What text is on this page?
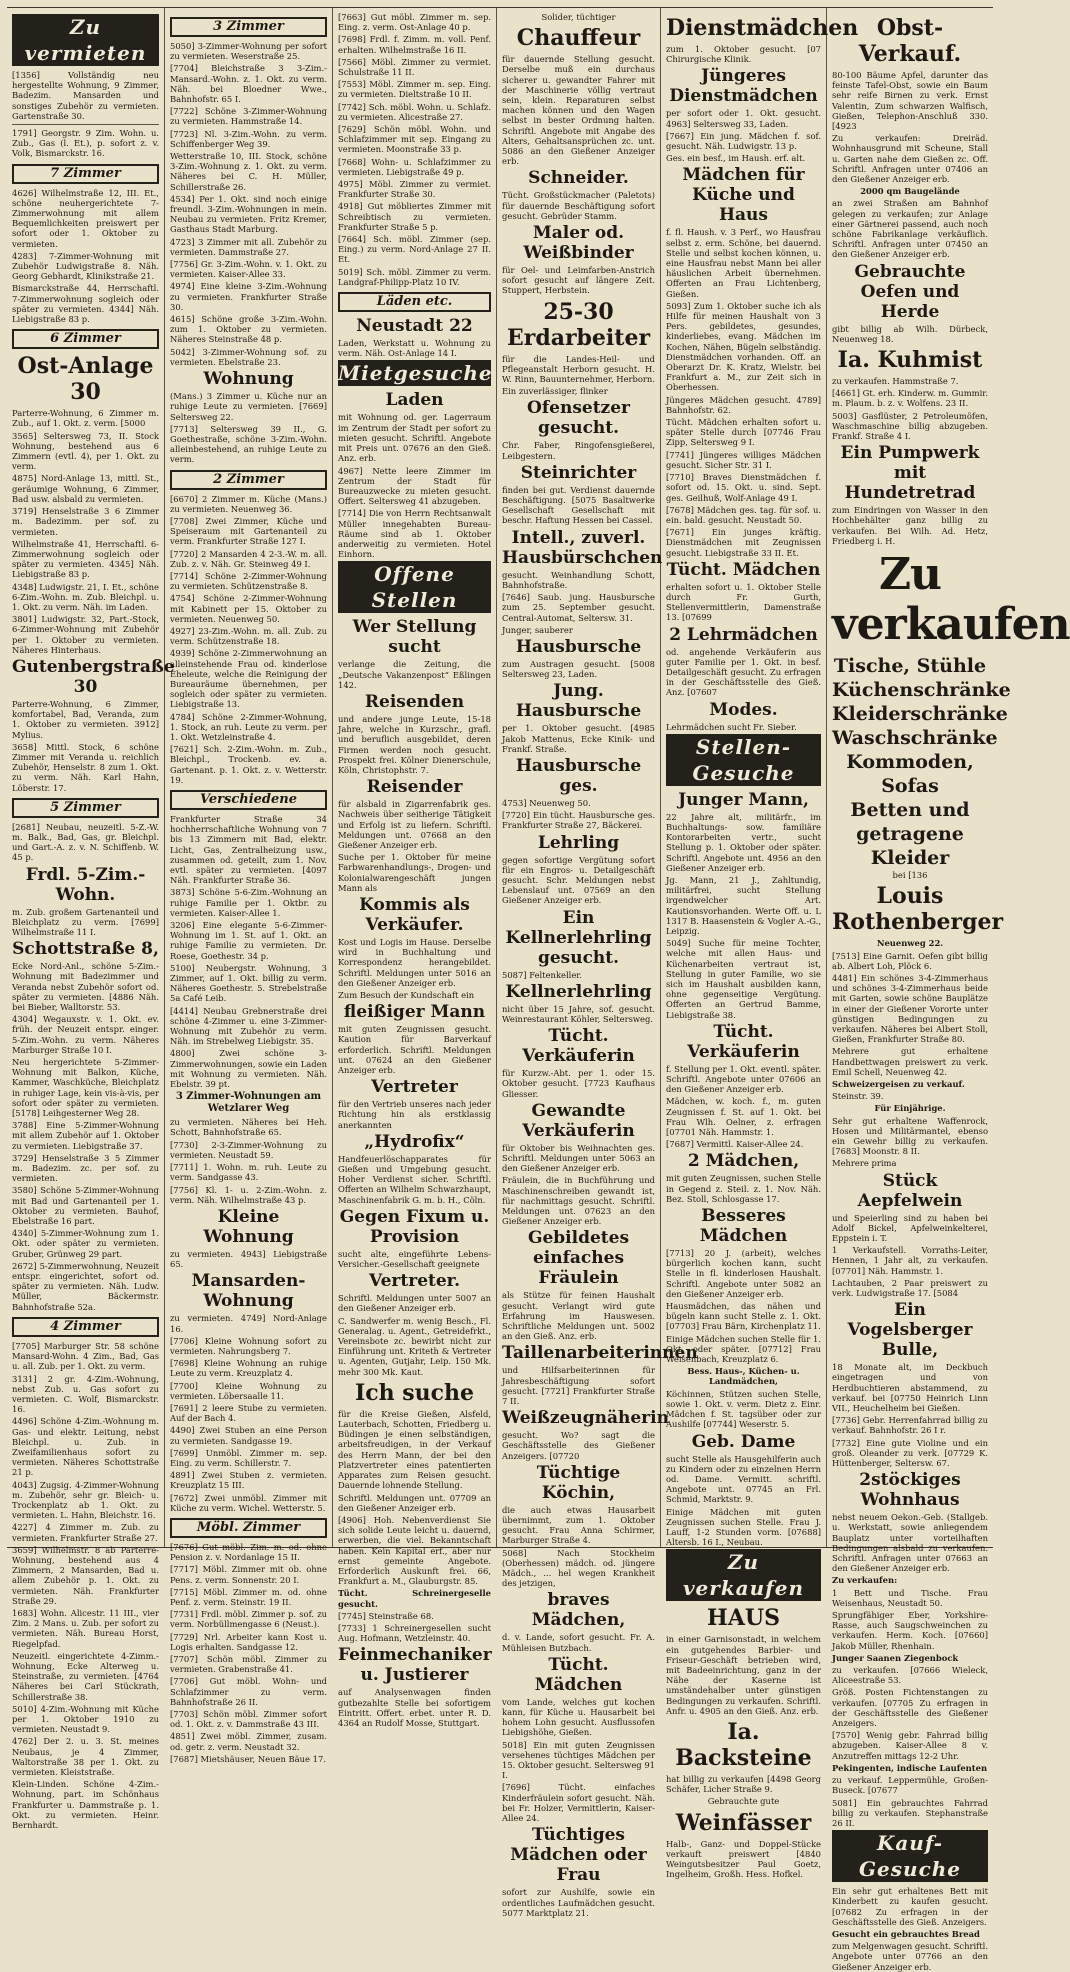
Zu vermieten
[1356] Vollständig neu hergestellte Wohnung, 9 Zimmer, Badezim. Mansarden und sonstiges Zubehör zu vermieten. Gartenstraße 30.
1791] Georgstr. 9 Zim. Wohn. u. Zub., Gas (l. Et.), p. sofort z. v. Volk, Bismarckstr. 16.
7 Zimmer
4626] Wilhelmstraße 12, III. Et., schöne neuhergerichtete 7-Zimmerwohnung mit allem Bequemlichkeiten preiswert per sofort oder 1. Oktober zu vermieten.
4283] 7-Zimmer-Wohnung mit Zubehör Ludwigstraße 8. Näh. Georg Gebhardt, Klinikstraße 21.
Bismarckstraße 44, Herrschaftl. 7-Zimmerwohnung sogleich oder später zu vermieten. 4344] Näh. Liebigstraße 83 p.
6 Zimmer
Ost-Anlage 30
Parterre-Wohnung, 6 Zimmer m. Zub., auf 1. Okt. z. verm. [5000
3565] Seltersweg 73, II. Stock Wohnung, bestehend aus 6 Zimmern (evtl. 4), per 1. Okt. zu verm.
4875] Nord-Anlage 13, mittl. St., geräumige Wohnung, 6 Zimmer, Bad usw. alsbald zu vermieten.
3719] Henselstraße 3 6 Zimmer m. Badezimm. per sof. zu vermieten.
Wilhelmstraße 41, Herrschaftl. 6-Zimmerwohnung sogleich oder später zu vermieten. 4345] Näh. Liebigstraße 83 p.
4348] Ludwigstr. 21, I. Et., schöne 6-Zim.-Wohn. m. Zub. Bleichpl. u. 1. Okt. zu verm. Näh. im Laden.
3801] Ludwigstr. 32, Part.-Stock, 6-Zimmer-Wohnung mit Zubehör per 1. Oktober zu vermieten. Näheres Hinterhaus.
Gutenbergstraße 30
Parterre-Wohnung, 6 Zimmer, komfortabel, Bad, Veranda, zum 1. Oktober zu vermieten. 3912] Mylius.
3658] Mittl. Stock, 6 schöne Zimmer mit Veranda u. reichlich Zubehör, Henselstr. 8 zum 1. Okt. zu verm. Näh. Karl Hahn, Löberstr. 17.
5 Zimmer
[2681] Neubau, neuzeitl. 5-Z.-W. m. Balk., Bad, Gas, gr. Bleichpl. und Gart.-A. z. v. N. Schiffenb. W. 45 p.
Frdl. 5-Zim.-Wohn.
m. Zub. großem Gartenanteil und Bleichplatz zu verm. [7699] Wilhelmstraße 11 I.
Schottstraße 8,
Ecke Nord-Anl., schöne 5-Zim.-Wohnung mit Badezimmer und Veranda nebst Zubehör sofort od. später zu vermieten. [4886 Näh. bei Bieber, Walltorstr. 53.
4304] Wegauxstr. v. 1. Okt. ev. früh. der Neuzeit entspr. einger. 5-Zim.-Wohn. zu verm. Näheres Marburger Straße 10 I.
Neu hergerichtete 5-Zimmer-Wohnung mit Balkon, Küche, Kammer, Waschküche, Bleichplatz in ruhiger Lage, kein vis-à-vis, per sofort oder später zu vermieten. [5178] Leihgesterner Weg 28.
3788] Eine 5-Zimmer-Wohnung mit allem Zubehör auf 1. Oktober zu vermieten. Liebigstraße 37.
3729] Henselstraße 3 5 Zimmer m. Badezim. zc. per sof. zu vermieten.
3580] Schöne 5-Zimmer-Wohnung mit Bad und Gartenanteil per 1. Oktober zu vermieten. Bauhof, Ebelstraße 16 part.
4340] 5-Zimmer-Wohnung zum 1. Okt. oder später zu vermieten. Gruber, Grünweg 29 part.
2672] 5-Zimmerwohnung, Neuzeit entspr. eingerichtet, sofort od. später zu vermieten. Näh. Ludw. Müller, Bäckermstr. Bahnhofstraße 52a.
4 Zimmer
[7705] Marburger Str. 58 schöne Mansard-Wohn. 4 Zim., Bad, Gas u. all. Zub. per 1. Okt. zu verm.
3131] 2 gr. 4-Zim.-Wohnung, nebst Zub. u. Gas sofort zu vermieten. C. Wolf, Bismarckstr. 16.
4496] Schöne 4-Zim.-Wohnung m. Gas- und elektr. Leitung, nebst Bleichpl. u. Zub. in Zweifamilienhaus sofort zu vermieten. Näheres Schottstraße 21 p.
4043] Zugsig. 4-Zimmer-Wohnung m. Zubehör, sehr gr. Bleich- u. Trockenplatz ab 1. Okt. zu vermieten. L. Hahn, Bleichstr. 16.
4227] 4 Zimmer m. Zub. zu vermieten. Frankfurter Straße 27.
3659] Wilhelmstr. 8 ab Parterre-Wohnung, bestehend aus 4 Zimmern, 2 Mansarden, Bad u. allem Zubehör p. 1. Okt. zu vermieten. Näh. Frankfurter Straße 29.
1683] Wohn. Alicestr. 11 III., vier Zim. 2 Mans. u. Zub. per sofort zu vermieten. Näh. Bureau Horst, Riegelpfad.
Neuzeitl. eingerichtete 4-Zimm.-Wohnung, Ecke Alterweg u. Steinstraße, zu vermieten. [4764 Näheres bei Carl Stückrath, Schillerstraße 38.
5010] 4-Zim.-Wohnung mit Küche per 1. Oktober 1910 zu vermieten. Neustadt 9.
4762] Der 2. u. 3. St. meines Neubaus, je 4 Zimmer, Waltorstraße 38 per 1. Okt. zu vermieten. Kleiststraße.
Klein-Linden. Schöne 4-Zim.-Wohnung, part. im Schönhaus Frankfurter u. Dammstraße p. 1. Okt. zu vermieten. Heinr. Bernhardt.
3 Zimmer
5050] 3-Zimmer-Wohnung per sofort zu vermieten. Weserstraße 25.
[7704] Bleichstraße 3 3-Zim.-Mansard.-Wohn. z. 1. Okt. zu verm. Näh. bei Bloedner Wwe., Bahnhofstr. 65 I.
[7722] Schöne 3-Zimmer-Wohnung zu vermieten. Hammstraße 14.
[7723] Nl. 3-Zim.-Wohn. zu verm. Schiffenberger Weg 39.
Wetterstraße 10, III. Stock, schöne 3-Zim.-Wohnung z. 1. Okt. zu verm. Näheres bei C. H. Müller, Schillerstraße 26.
4534] Per 1. Okt. sind noch einige freundl. 3-Zim.-Wohnungen in mein. Neubau zu vermieten. Fritz Kremer, Gasthaus Stadt Marburg.
4723] 3 Zimmer mit all. Zubehör zu vermieten. Dammstraße 27.
[7756] Gr. 3-Zim.-Wohn. v. 1. Okt. zu vermieten. Kaiser-Allee 33.
4974] Eine kleine 3-Zim.-Wohnung zu vermieten. Frankfurter Straße 30.
4615] Schöne große 3-Zim.-Wohn. zum 1. Oktober zu vermieten. Näheres Steinstraße 48 p.
5042] 3-Zimmer-Wohnung sof. zu vermieten. Ebelstraße 23.
Wohnung
(Mans.) 3 Zimmer u. Küche nur an ruhige Leute zu vermieten. [7669] Seltersweg 22.
[7713] Seltersweg 39 II., G. Goethestraße, schöne 3-Zim.-Wohn. alleinbestehend, an ruhige Leute zu verm.
2 Zimmer
[6670] 2 Zimmer m. Küche (Mans.) zu vermieten. Neuenweg 36.
[7708] Zwei Zimmer, Küche und Speiseraum mit Gartenanteil zu verm. Frankfurter Straße 127 I.
[7720] 2 Mansarden 4 2-3.-W. m. all. Zub. z. v. Näh. Gr. Steinweg 49 I.
[7714] Schöne 2-Zimmer-Wohnung zu vermieten. Schützenstraße 8.
4754] Schöne 2-Zimmer-Wohnung mit Kabinett per 15. Oktober zu vermieten. Neuenweg 50.
4927] 23-Zim.-Wohn. m. all. Zub. zu verm. Schützenstraße 18.
4939] Schöne 2-Zimmerwohnung an alleinstehende Frau od. kinderlose Eheleute, welche die Reinigung der Bureauräume übernehmen, per sogleich oder später zu vermieten. Liebigstraße 13.
4784] Schöne 2-Zimmer-Wohnung, 1. Stock, an ruh. Leute zu verm. per 1. Okt. Wetzleinstraße 4.
[7621] Sch. 2-Zim.-Wohn. m. Zub., Bleichpl., Trockenb. ev. a. Gartenant. p. 1. Okt. z. v. Wetterstr. 19.
Verschiedene
Frankfurter Straße 34 hochherrschaftliche Wohnung von 7 bis 13 Zimmern mit Bad, elektr. Licht, Gas, Zentralheizung usw., zusammen od. geteilt, zum 1. Nov. evtl. später zu vermieten. [4097 Näh. Frankfurter Straße 36.
3873] Schöne 5-6-Zim.-Wohnung an ruhige Familie per 1. Oktbr. zu vermieten. Kaiser-Allee 1.
3206] Eine elegante 5-6-Zimmer-Wohnung im 1. St. auf 1. Okt. an ruhige Familie zu vermieten. Dr. Roese, Goethestr. 34 p.
5100] Neubergstr. Wohnung, 3 Zimmer, auf 1. Okt. billig zu verm. Näheres Goethestr. 5. Strebelstraße 5a Café Leib.
[4414] Neubau Grebnerstraße drei schöne 4-Zimmer u. eine 3-Zimmer-Wohnung mit Zubehör zu verm. Näh. im Strebelweg Liebigstr. 35.
4800] Zwei schöne 3-Zimmerwohnungen, sowie ein Laden mit Wohnung zu vermieten. Näh. Ebelstr. 39 pt.
3 Zimmer-Wohnungen am Wetzlarer Weg
zu vermieten. Näheres bei Heh. Schott, Bahnhofstraße 65.
[7730] 2-3-Zimmer-Wohnung zu vermieten. Neustadt 59.
[7711] 1. Wohn. m. ruh. Leute zu verm. Sandgasse 43.
[7756] Kl. 1- u. 2-Zim.-Wohn. z. verm. Näh. Wilhelmstraße 43 p.
Kleine Wohnung
zu vermieten. 4943] Liebigstraße 65.
Mansarden-Wohnung
zu vermieten. 4749] Nord-Anlage 16.
[7706] Kleine Wohnung sofort zu vermieten. Nahrungsberg 7.
[7698] Kleine Wohnung an ruhige Leute zu verm. Kreuzplatz 4.
[7700] Kleine Wohnung zu vermieten. Löbersaalle 11.
[7691] 2 leere Stube zu vermieten. Auf der Bach 4.
4490] Zwei Stuben an eine Person zu vermieten. Sandgasse 19.
[7699] Unmöbl. Zimmer m. sep. Eing. zu verm. Schillerstr. 7.
4891] Zwei Stuben z. vermieten. Kreuzplatz 15 III.
[7672] Zwei unmöbl. Zimmer mit Küche zu verm. Wichel. Wetterstr. 5.
Möbl. Zimmer
[7676] Gut möbl. Zim. m. od. ohne Pension z. v. Nordanlage 15 II.
[7717] Möbl. Zimmer mit ob. ohne Pens. z. verm. Sonnenstr. 20 I.
[7715] Möbl. Zimmer m. od. ohne Penf. z. verm. Steinstr. 19 II.
[7731] Frdl. möbl. Zimmer p. sof. zu verm. Norbüllmengasse 6 (Neust.).
[7729] Nrl. Arbeiter kann Kost u. Logis erhalten. Sandgasse 12.
[7707] Schön möbl. Zimmer zu vermieten. Grabenstraße 41.
[7706] Gut möbl. Wohn- und Schlafzimmer zu verm. Bahnhofstraße 26 II.
[7703] Schön möbl. Zimmer sofort od. 1. Okt. z. v. Dammstraße 43 III.
4851] Zwei möbl. Zimmer, zusam. od. getr. z. verm. Neustadt 32.
[7687] Mietshäuser, Neuen Bäue 17.
[7663] Gut möbl. Zimmer m. sep. Eing. z. verm. Ost-Anlage 40 p.
[7698] Frdl. f. Zimm. m. voll. Penf. erhalten. Wilhelmstraße 16 II.
[7566] Möbl. Zimmer zu vermiet. Schulstraße 11 II.
[7553] Möbl. Zimmer m. sep. Eing. zu vermieten. Dieltstraße 10 II.
[7742] Sch. möbl. Wohn. u. Schlafz. zu vermieten. Alicestraße 27.
[7629] Schön möbl. Wohn. und Schlafzimmer mit sep. Eingang zu vermieten. Moonstraße 33 p.
[7668] Wohn- u. Schlafzimmer zu vermieten. Liebigstraße 49 p.
4975] Möbl. Zimmer zu vermiet. Frankfurter Straße 30.
4918] Gut möbliertes Zimmer mit Schreibtisch zu vermieten. Frankfurter Straße 5 p.
[7664] Sch. möbl. Zimmer (sep. Eing.) zu verm. Nord-Anlage 27 II. Et.
5019] Sch. möbl. Zimmer zu verm. Landgraf-Philipp-Platz 10 IV.
Läden etc.
Neustadt 22
Laden, Werkstatt u. Wohnung zu verm. Näh. Ost-Anlage 14 I.
Mietgesuche
Laden
mit Wohnung od. ger. Lagerraum im Zentrum der Stadt per sofort zu mieten gesucht. Schriftl. Angebote mit Preis unt. 07676 an den Gieß. Anz. erb.
4967] Nette leere Zimmer im Zentrum der Stadt für Bureauzwecke zu mieten gesucht. Offert. Seltersweg 41 abzugeben.
[7714] Die von Herrn Rechtsanwalt Müller innegehabten Bureau-Räume sind ab 1. Oktober anderweitig zu vermieten. Hotel Einhorn.
Offene Stellen
Wer Stellung sucht
verlange die Zeitung, die „Deutsche Vakanzenpost“ Eßlingen 142.
Reisenden
und andere junge Leute, 15-18 Jahre, welche in Kurzschr., grafl. und beruflich ausgebildet, deren Firmen werden noch gesucht. Prospekt frei. Kölner Dienerschule, Köln, Christophstr. 7.
Reisender
für alsbald in Zigarrenfabrik ges. Nachweis über seitherige Tätigkeit und Erfolg ist zu liefern. Schriftl. Meldungen unt. 07668 an den Gießener Anzeiger erb.
Suche per 1. Oktober für meine Farbwarenhandlungs-, Drogen- und Kolonialwarengeschäft jungen Mann als
Kommis als Verkäufer.
Kost und Logis im Hause. Derselbe wird in Buchhaltung und Korrespondenz herangebildet. Schriftl. Meldungen unter 5016 an den Gießener Anzeiger erb.
Zum Besuch der Kundschaft ein
fleißiger Mann
mit guten Zeugnissen gesucht. Kaution für Barverkauf erforderlich. Schriftl. Meldungen unt. 07624 an den Gießener Anzeiger erb.
Vertreter
für den Vertrieb unseres nach jeder Richtung hin als erstklassig anerkannten
„Hydrofix“
Handfeuerlöschapparates für Gießen und Umgebung gesucht. Hoher Verdienst sicher. Schriftl. Offerten an Wilhelm Schwarzhaupt, Maschinenfabrik G. m. b. H., Cöln.
Gegen Fixum u. Provision
sucht alte, eingeführte Lebens-Versicher.-Gesellschaft geeignete
Vertreter.
Schriftl. Meldungen unter 5007 an den Gießener Anzeiger erb.
C. Sandwerfer m. wenig Besch., Fl. Generalag. u. Agent., Getreidefrkt., Vereinsbote zc. bewirbt nicht zur Einführung unt. Kriteth & Vertreter u. Agenten, Gutjahr, Leip. 150 Mk. mehr 300 Mk. Kaut.
Ich suche
für die Kreise Gießen, Alsfeld, Lauterbach, Schotten, Friedberg u. Büdingen je einen selbständigen, arbeitsfreudigen, in der Verkauf des Herrn Mann, der bei den Platzvertreter eines patentierten Apparates zum Reisen gesucht. Dauernde lohnende Stellung.
Schriftl. Meldungen unt. 07709 an den Gießener Anzeiger erb.
[4906] Hoh. Nebenverdienst Sie sich solide Leute leicht u. dauernd, erwerben, die viel. Bekanntschaft haben. Kein Kapital erf., aber nur ernst gemeinte Angebote. Erforderlich Auskunft frei. 66, Frankfurt a. M., Glauburgstr. 85.
Tücht. Schreinergeselle gesucht.
[7745] Steinstraße 68.
[7733] 1 Schreinergesellen sucht Aug. Hofmann, Wetzleinstr. 40.
Feinmechaniker u. Justierer
auf Analysenwagen finden gutbezahlte Stelle bei sofortigem Eintritt. Offert. erbet. unter R. D. 4364 an Rudolf Mosse, Stuttgart.
Solider, tüchtiger
Chauffeur
für dauernde Stellung gesucht. Derselbe muß ein durchaus sicherer u. gewandter Fahrer mit der Maschinerie völlig vertraut sein, klein. Reparaturen selbst machen können und den Wagen selbst in bester Ordnung halten. Schriftl. Angebote mit Angabe des Alters, Gehaltsansprüchen zc. unt. 5086 an den Gießener Anzeiger erb.
Schneider.
Tücht. Großstückmacher (Paletots) für dauernde Beschäftigung sofort gesucht. Gebrüder Stamm.
Maler od. Weißbinder
für Oel- und Leimfarben-Anstrich sofort gesucht auf längere Zeit. Stuppert, Herbstein.
25-30 Erdarbeiter
für die Landes-Heil- und Pflegeanstalt Herborn gesucht. H. W. Rinn, Bauunternehmer, Herborn.
Ein zuverlässiger, flinker
Ofensetzer gesucht.
Chr. Faber, Ringofensgießerei, Leibgestern.
Steinrichter
finden bei gut. Verdienst dauernde Beschäftigung. [5075 Basaltwerke Gesellschaft Gesellschaft mit beschr. Haftung Hessen bei Cassel.
Intell., zuverl. Hausbürschchen
gesucht. Weinhandlung Schott, Bahnhofstraße.
[7646] Saub. jung. Hausbursche zum 25. September gesucht. Central-Automat, Seltersw. 31.
Junger, sauberer
Hausbursche
zum Austragen gesucht. [5008 Seltersweg 23, Laden.
Jung. Hausbursche
per 1. Oktober gesucht. [4985 Jakob Mattenus, Ecke Kinik- und Frankf. Straße.
Hausbursche ges.
4753] Neuenweg 50.
[7720] Ein tücht. Hausbursche ges. Frankfurter Straße 27, Bäckerei.
Lehrling
gegen sofortige Vergütung sofort für ein Engros- u. Detailgeschäft gesucht. Schr. Meldungen nebst Lebenslauf unt. 07569 an den Gießener Anzeiger erb.
Ein Kellnerlehrling gesucht.
5087] Feltenkeller.
Kellnerlehrling
nicht über 15 Jahre, sof. gesucht. Weinrestaurant Köhler, Seltersweg.
Tücht. Verkäuferin
für Kurzw.-Abt. per 1. oder 15. Oktober gesucht. [7723 Kaufhaus Gliesser.
Gewandte Verkäuferin
für Oktober bis Weihnachten ges. Schriftl. Meldungen unter 5063 an den Gießener Anzeiger erb.
Fräulein, die in Buchführung und Maschinenschreiben gewandt ist, für nachmittags gesucht. Schriftl. Meldungen unt. 07623 an den Gießener Anzeiger erb.
Gebildetes einfaches Fräulein
als Stütze für feinen Haushalt gesucht. Verlangt wird gute Erfahrung im Hauswesen. Schriftliche Meldungen unt. 5002 an den Gieß. Anz. erb.
Taillenarbeiterinnen
und Hilfsarbeiterinnen für Jahresbeschäftigung sofort gesucht. [7721] Frankfurter Straße 7 II.
Weißzeugnäherin
gesucht. Wo? sagt die Geschäftsstelle des Gießener Anzeigers. [07720
Tüchtige Köchin,
die auch etwas Hausarbeit übernimmt, zum 1. Oktober gesucht. Frau Anna Schirmer, Marburger Straße 4.
5068] Nach Stockheim (Oberhessen) mädch. od. jüngere Mädch., ... hel wegen Krankheit des jetzigen,
braves Mädchen,
d. v. Lande, sofort gesucht. Fr. A. Mühleisen Butzbach.
Tücht. Mädchen
vom Lande, welches gut kochen kann, für Küche u. Hausarbeit bei hohem Lohn gesucht. Ausflussofen Liebigshöhe, Gießen.
5018] Ein mit guten Zeugnissen versehenes tüchtiges Mädchen per 15. Oktober gesucht. Seltersweg 91 I.
[7696] Tücht. einfaches Kinderfräulein sofort gesucht. Näh. bei Fr. Holzer, Vermittlerin, Kaiser-Allee 24.
Tüchtiges Mädchen oder Frau
sofort zur Aushilfe, sowie ein ordentliches Laufmädchen gesucht. 5077 Marktplatz 21.
Dienstmädchen
zum 1. Oktober gesucht. [07 Chirurgische Klinik.
Jüngeres Dienstmädchen
per sofort oder 1. Okt. gesucht. 4963] Seltersweg 33, Laden.
[7667] Ein jung. Mädchen f. sof. gesucht. Näh. Ludwigstr. 13 p.
Ges. ein besf., im Haush. erf. alt.
Mädchen für Küche und Haus
f. fl. Haush. v. 3 Perf., wo Hausfrau selbst z. erm. Schöne, bei dauernd. Stelle und selbst kochen können, u. eine Hausfrau nebst Mann bei aller häuslichen Arbeit übernehmen. Offerten an Frau Lichtenberg, Gießen.
5093] Zum 1. Oktober suche ich als Hilfe für meinen Haushalt von 3 Pers. gebildetes, gesundes, kinderliebes, evang. Mädchen im Kochen, Nähen, Bügeln selbständig. Dienstmädchen vorhanden. Off. an Oberarzt Dr. K. Kratz, Wielstr. bei Frankfurt a. M., zur Zeit sich in Oberhessen.
Jüngeres Mädchen gesucht. 4789] Bahnhofstr. 62.
Tücht. Mädchen erhalten sofort u. später Stelle durch [07746 Frau Zipp, Seltersweg 9 I.
[7741] Jüngeres williges Mädchen gesucht. Sicher Str. 31 I.
[7710] Braves Dienstmädchen f. sofort od. 15. Okt. u. sind. Sept. ges. Geilhuß, Wolf-Anlage 49 I.
[7678] Mädchen ges. tag. für sof. u. ein. bald. gesucht. Neustadt 50.
[7671] Ein junges kräftig. Dienstmädchen mit Zeugnissen gesucht. Liebigstraße 33 II. Et.
Tücht. Mädchen
erhalten sofort u. 1. Oktober Stelle durch Fr. Gurth, Stellenvermittlerin, Damenstraße 13. [07699
2 Lehrmädchen
od. angehende Verkäuferin aus guter Familie per 1. Okt. in besf. Detailgeschäft gesucht. Zu erfragen in der Geschäftsstelle des Gieß. Anz. [07607
Modes.
Lehrmädchen sucht Fr. Sieber.
Stellen-Gesuche
Junger Mann,
22 Jahre alt, militärfr., im Buchhaltungs- sow. familiäre Kontorarbeiten vertr., sucht Stellung p. 1. Oktober oder später. Schriftl. Angebote unt. 4956 an den Gießener Anzeiger erb.
Jg. Mann, 21 J., Zahltundig, militärfrei, sucht Stellung irgendwelcher Art. Kautionsvorhanden. Werte Off. u. L 1317 B. Haasenstein & Vogler A.-G., Leipzig.
5049] Suche für meine Tochter, welche mit allen Haus- und Küchenarbeiten vertraut ist, Stellung in guter Familie, wo sie sich im Haushalt ausbilden kann, ohne gegenseitige Vergütung. Offerten an Gertrud Bamme, Liebigstraße 38.
Tücht. Verkäuferin
f. Stellung per 1. Okt. eventl. später. Schriftl. Angebote unter 07606 an den Gießener Anzeiger erb.
Mädchen, w. koch. f., m. guten Zeugnissen f. St. auf 1. Okt. bei Frau Wlh. Oelner, z. erfragen [07701 Näh. Hammstr. 1.
[7687] Vermittl. Kaiser-Allee 24.
2 Mädchen,
mit guten Zeugnissen, suchen Stelle in Gegend z. Steil. z. 1. Nov. Näh. Bez. Stoll, Schlosgasse 17.
Besseres Mädchen
[7713] 20 J. (arbeit), welches bürgerlich kochen kann, sucht Stelle in fl. kinderlosen Haushalt. Schriftl. Angebote unter 5082 an den Gießener Anzeiger erb.
Hausmädchen, das nähen und bügeln kann sucht Stelle z. 1. Okt. [07703] Frau Bärn, Kirchenplatz 11.
Einige Mädchen suchen Stelle für 1. Okt. oder später. [07712] Frau Weisenbach, Kreuzplatz 6.
Bess. Haus-, Küchen- u. Landmädchen,
Köchinnen, Stützen suchen Stelle, sowie 1. Okt. v. verm. Dietz z. Einr. Mädchen f. St. tagsüber oder zur Aushilfe [07744] Weserstr. 5.
Geb. Dame
sucht Stelle als Hausgehilferin auch zu Kindern oder zu einzelnen Herrn od. Dame. Vermitt. schriftl. Angebote unt. 07745 an Frl. Schmid, Marktstr. 9.
Einige Mädchen mit guten Zeugnissen suchen Stelle. Frau J. Lauff, 1-2 Stunden vorm. [07688] Altersb. 16 I., Neubau.
Zu verkaufen
HAUS
in einer Garnisonstadt, in welchem ein gutgehendes Barbier- und Friseur-Geschäft betrieben wird, mit Badeeinrichtung, ganz in der Nähe der Kaserne ist umständehalber unter günstigen Bedingungen zu verkaufen. Schriftl. Anfr. u. 4905 an den Gieß. Anz. erb.
Ia. Backsteine
hat billig zu verkaufen [4498 Georg Schäfer, Licher Straße 9.
Gebrauchte gute
Weinfässer
Halb-, Ganz- und Doppel-Stücke verkauft preiswert [4840 Weingutsbesitzer Paul Goetz, Ingelheim, Großh. Hess. Hofkel.
Obst-Verkauf.
80-100 Bäume Apfel, darunter das feinste Tafel-Obst, sowie ein Baum sehr reife Birnen zu verk. Ernst Valentin, Zum schwarzen Walfisch, Gießen, Telephon-Anschluß 330. [4923
Zu verkaufen: Dreiräd. Wohnhausgrund mit Scheune, Stall u. Garten nahe dem Gießen zc. Off. Schriftl. Anfragen unter 07406 an den Gießener Anzeiger erb.
2000 qm Baugelände
an zwei Straßen am Bahnhof gelegen zu verkaufen; zur Anlage einer Gärtnerei passend, auch noch schöne Fabrikanlage verkäuflich. Schriftl. Anfragen unter 07450 an den Gießener Anzeiger erb.
Gebrauchte Oefen und Herde
gibt billig ab Wilh. Dürbeck, Neuenweg 18.
Ia. Kuhmist
zu verkaufen. Hammstraße 7.
[4661] Gt. erh. Kinderw. m. Gummir. m. Plaum. b. z. v. Wolfens. 23 II.
5003] Gasflüster, 2 Petroleumöfen, Waschmaschine billig abzugeben. Frankf. Straße 4 I.
Ein Pumpwerk mit Hundetretrad
zum Eindringen von Wasser in den Hochbehälter ganz billig zu verkaufen. Bei Wilh. Ad. Hetz, Friedberg i. H.
Zu verkaufen
Tische, Stühle
Küchenschränke
Kleiderschränke
Waschschränke
Kommoden, Sofas
Betten und
getragene Kleider
bei [136
Louis Rothenberger
Neuenweg 22.
[7513] Eine Garnit. Oefen gibt billig ab. Albert Loh, Plöck 6.
4481] Ein schönes 3-4-Zimmerhaus und schönes 3-4-Zimmerhaus beide mit Garten, sowie schöne Bauplätze in einer der Gießener Vororte unter günstigen Bedingungen zu verkaufen. Näheres bei Albert Stoll, Gießen, Frankfurter Straße 80.
Mehrere gut erhaltene Handbettwagen preiswert zu verk. Emil Schell, Neuenweg 42.
Schweizergeisen zu verkauf.
Steinstr. 39.
Für Einjährige.
Sehr gut erhaltene Waffenrock, Hosen und Militärmantel, ebenso ein Gewehr billig zu verkaufen. [7683] Moonstr. 8 II.
Mehrere prima
Stück Aepfelwein
und Speierling sind zu haben bei Adolf Bickel, Apfelweinkelterei, Eppstein i. T.
1 Verkaufstell. Vorraths-Leiter, Hennen, 1 Jahr alt, zu verkaufen. [07701] Näh. Hammstr. 1.
Lachtauben, 2 Paar preiswert zu verk. Ludwigstraße 17. [5084
Ein Vogelsberger Bulle,
18 Monate alt, im Deckbuch eingetragen und von Herdbuchtieren abstammend, zu verkauf. bei [07750 Heinrich Linn VII., Heuchelheim bei Gießen.
[7736] Gebr. Herrenfahrrad billig zu verkauf. Bahnhofstr. 26 I r.
[7732] Eine gute Violine und ein groß. Oleander zu verk. [07729 K. Hüttenberger, Seltersw. 67.
2stöckiges Wohnhaus
nebst neuem Oekon.-Geb. (Stallgeb. u. Werkstatt, sowie anliegendem Bauplatz unter vorteilhaften Bedingungen alsbald zu verkaufen. Schriftl. Anfragen unter 07663 an den Gießener Anzeiger erb.
Zu verkaufen:
1 Bett und Tische. Frau Weisenhaus, Neustadt 50.
Sprungfähiger Eber, Yorkshire-Rasse, auch Saugschweinchen zu verkaufen. Herm. Koch. [07660] Jakob Müller, Rhenhain.
Junger Saanen Ziegenbock
zu verkaufen. [07666 Wieleck, Aliceestraße 53.
Größ. Posten Fichtenstangen zu verkaufen. [07705 Zu erfragen in der Geschäftsstelle des Gießener Anzeigers.
[7570] Wenig gebr. Fahrrad billig abzugeben. Kaiser-Allee 8 v. Anzutreffen mittags 12-2 Uhr.
Pekingenten, indische Laufenten
zu verkauf. Leppermühle, Großen-Buseck. [07677
5081] Ein gebrauchtes Fahrrad billig zu verkaufen. Stephanstraße 26 II.
Kauf-Gesuche
Ein sehr gut erhaltenes Bett mit Kinderbett zu kaufen gesucht. [07682 Zu erfragen in der Geschäftsstelle des Gieß. Anzeigers.
Gesucht ein gebrauchtes Bread
zum Melgenwagen gesucht. Schriftl. Angebote unter 07766 an den Gießener Anzeiger erb.
